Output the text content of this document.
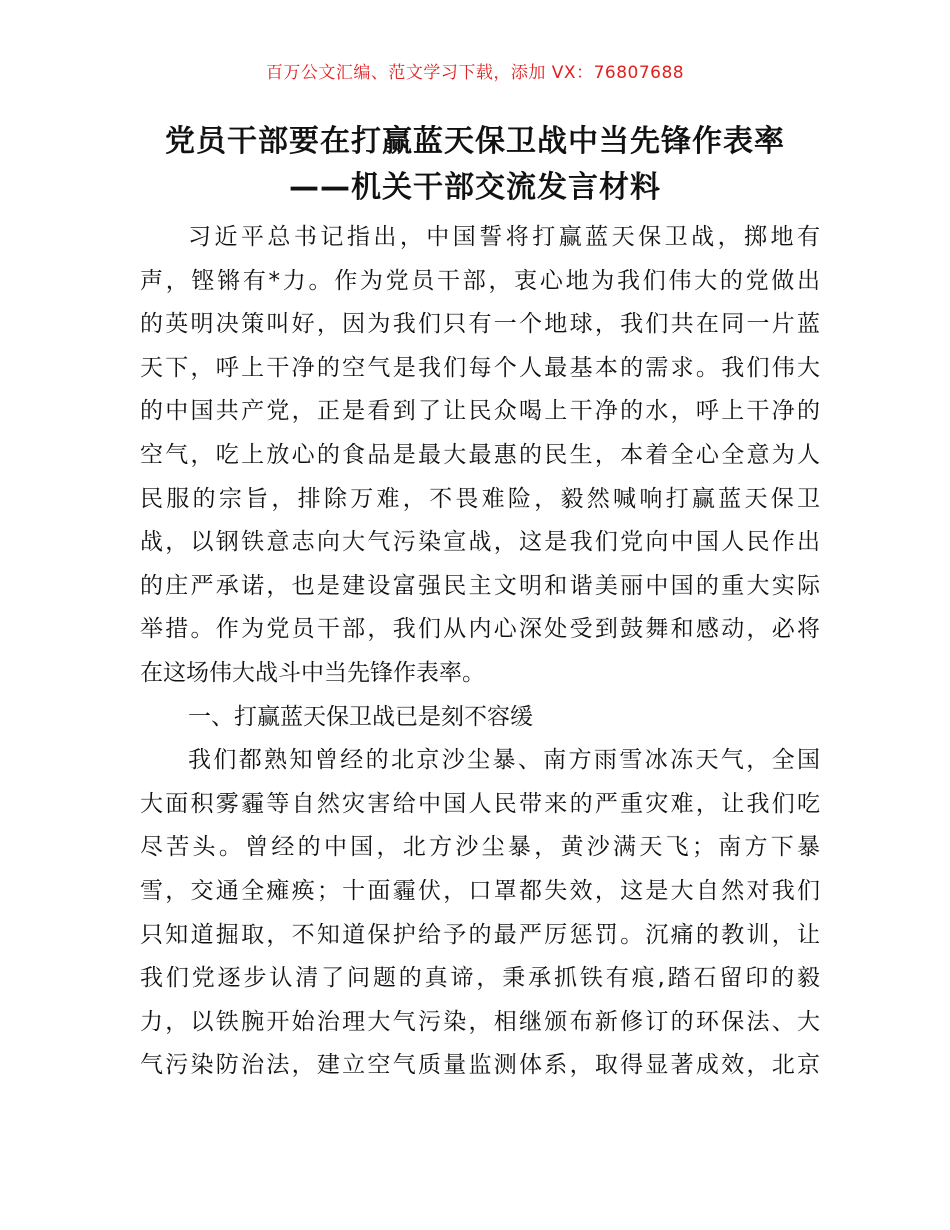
百万公文汇编、范文学习下载，添加 VX：76807688
党员干部要在打赢蓝天保卫战中当先锋作表率
——机关干部交流发言材料
习近平总书记指出，中国誓将打赢蓝天保卫战，掷地有
声，铿锵有*力。作为党员干部，衷心地为我们伟大的党做出
的英明决策叫好，因为我们只有一个地球，我们共在同一片蓝
天下，呼上干净的空气是我们每个人最基本的需求。我们伟大
的中国共产党，正是看到了让民众喝上干净的水，呼上干净的
空气，吃上放心的食品是最大最惠的民生，本着全心全意为人
民服的宗旨，排除万难，不畏难险，毅然喊响打赢蓝天保卫
战，以钢铁意志向大气污染宣战，这是我们党向中国人民作出
的庄严承诺，也是建设富强民主文明和谐美丽中国的重大实际
举措。作为党员干部，我们从内心深处受到鼓舞和感动，必将
在这场伟大战斗中当先锋作表率。
一、打赢蓝天保卫战已是刻不容缓
我们都熟知曾经的北京沙尘暴、南方雨雪冰冻天气，全国
大面积雾霾等自然灾害给中国人民带来的严重灾难，让我们吃
尽苦头。曾经的中国，北方沙尘暴，黄沙满天飞；南方下暴
雪，交通全瘫痪；十面霾伏，口罩都失效，这是大自然对我们
只知道掘取，不知道保护给予的最严厉惩罚。沉痛的教训，让
我们党逐步认清了问题的真谛，秉承抓铁有痕,踏石留印的毅
力，以铁腕开始治理大气污染，相继颁布新修订的环保法、大
气污染防治法，建立空气质量监测体系，取得显著成效，北京
